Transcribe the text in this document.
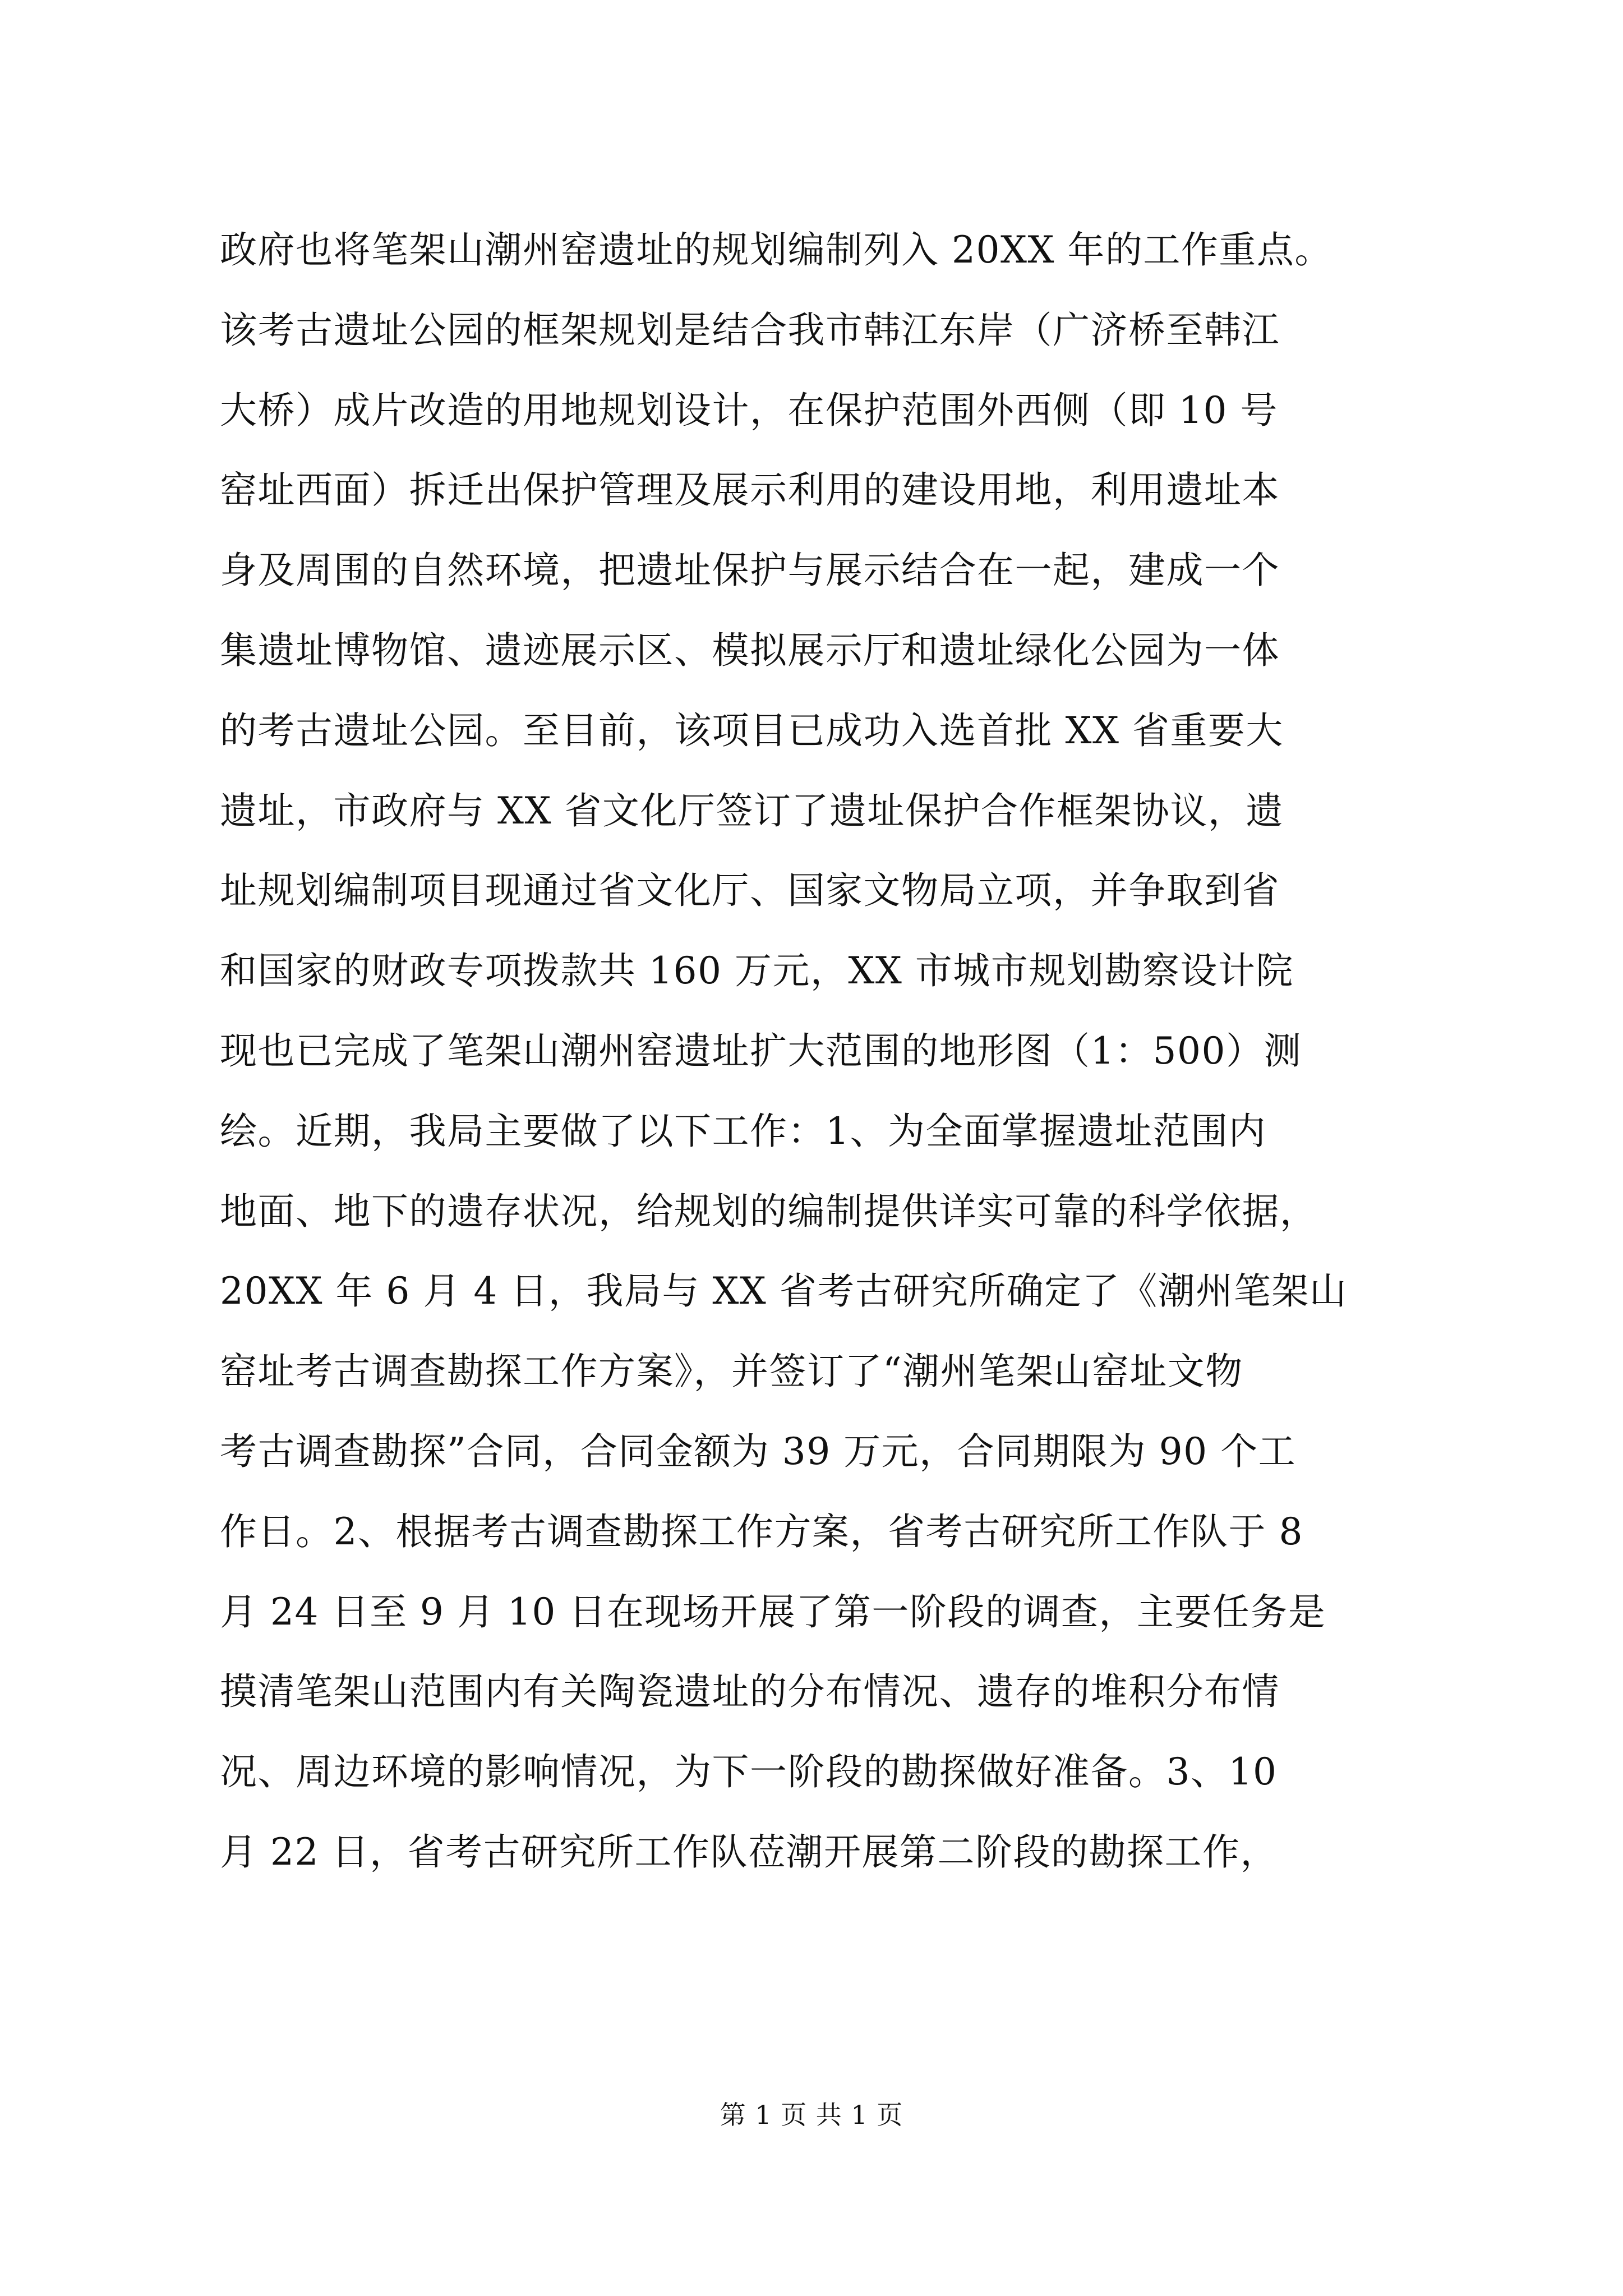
政府也将笔架山潮州窑遗址的规划编制列入 20XX 年的工作重点。
该考古遗址公园的框架规划是结合我市韩江东岸（广济桥至韩江
大桥）成片改造的用地规划设计，在保护范围外西侧（即 10 号
窑址西面）拆迁出保护管理及展示利用的建设用地，利用遗址本
身及周围的自然环境，把遗址保护与展示结合在一起，建成一个
集遗址博物馆、遗迹展示区、模拟展示厅和遗址绿化公园为一体
的考古遗址公园。至目前，该项目已成功入选首批 XX 省重要大
遗址，市政府与 XX 省文化厅签订了遗址保护合作框架协议，遗
址规划编制项目现通过省文化厅、国家文物局立项，并争取到省
和国家的财政专项拨款共 160 万元，XX 市城市规划勘察设计院
现也已完成了笔架山潮州窑遗址扩大范围的地形图（1：500）测
绘。近期，我局主要做了以下工作：1、为全面掌握遗址范围内
地面、地下的遗存状况，给规划的编制提供详实可靠的科学依据，
20XX 年 6 月 4 日，我局与 XX 省考古研究所确定了《潮州笔架山
窑址考古调查勘探工作方案》，并签订了“潮州笔架山窑址文物
考古调查勘探”合同，合同金额为 39 万元，合同期限为 90 个工
作日。2、根据考古调查勘探工作方案，省考古研究所工作队于 8
月 24 日至 9 月 10 日在现场开展了第一阶段的调查，主要任务是
摸清笔架山范围内有关陶瓷遗址的分布情况、遗存的堆积分布情
况、周边环境的影响情况，为下一阶段的勘探做好准备。3、10
月 22 日，省考古研究所工作队莅潮开展第二阶段的勘探工作，
第 1 页 共 1 页
